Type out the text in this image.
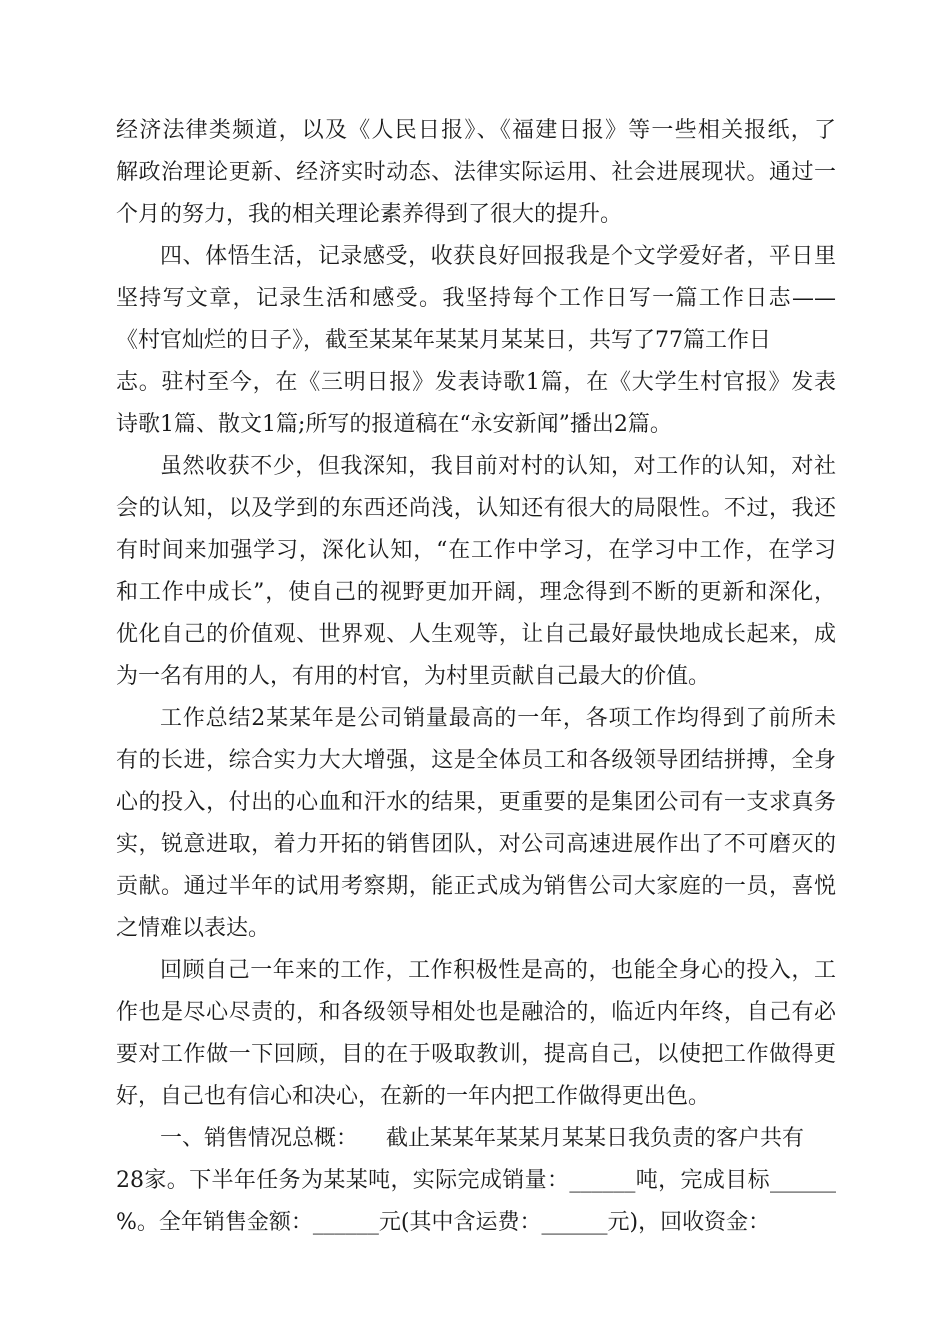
经济法律类频道，以及《人民日报》、《福建日报》等一些相关报纸，了
解政治理论更新、经济实时动态、法律实际运用、社会进展现状。通过一
个月的努力，我的相关理论素养得到了很大的提升。

四、体悟生活，记录感受，收获良好回报我是个文学爱好者，平日里
坚持写文章，记录生活和感受。我坚持每个工作日写一篇工作日志——
《村官灿烂的日子》，截至某某年某某月某某日，共写了77篇工作日
志。驻村至今，在《三明日报》发表诗歌1篇，在《大学生村官报》发表
诗歌1篇、散文1篇;所写的报道稿在“永安新闻”播出2篇。

虽然收获不少，但我深知，我目前对村的认知，对工作的认知，对社
会的认知，以及学到的东西还尚浅，认知还有很大的局限性。不过，我还
有时间来加强学习，深化认知，“在工作中学习，在学习中工作，在学习
和工作中成长”，使自己的视野更加开阔，理念得到不断的更新和深化，
优化自己的价值观、世界观、人生观等，让自己最好最快地成长起来，成
为一名有用的人，有用的村官，为村里贡献自己最大的价值。

工作总结2某某年是公司销量最高的一年，各项工作均得到了前所未
有的长进，综合实力大大增强，这是全体员工和各级领导团结拼搏，全身
心的投入，付出的心血和汗水的结果，更重要的是集团公司有一支求真务
实，锐意进取，着力开拓的销售团队，对公司高速进展作出了不可磨灭的
贡献。通过半年的试用考察期，能正式成为销售公司大家庭的一员，喜悦
之情难以表达。

回顾自己一年来的工作，工作积极性是高的，也能全身心的投入，工
作也是尽心尽责的，和各级领导相处也是融洽的，临近内年终，自己有必
要对工作做一下回顾，目的在于吸取教训，提高自己，以使把工作做得更
好，自己也有信心和决心，在新的一年内把工作做得更出色。

一、销售情况总概：    截止某某年某某月某某日我负责的客户共有
28家。下半年任务为某某吨，实际完成销量：______吨，完成目标______
%。全年销售金额：______元(其中含运费：______元)，回收资金：
